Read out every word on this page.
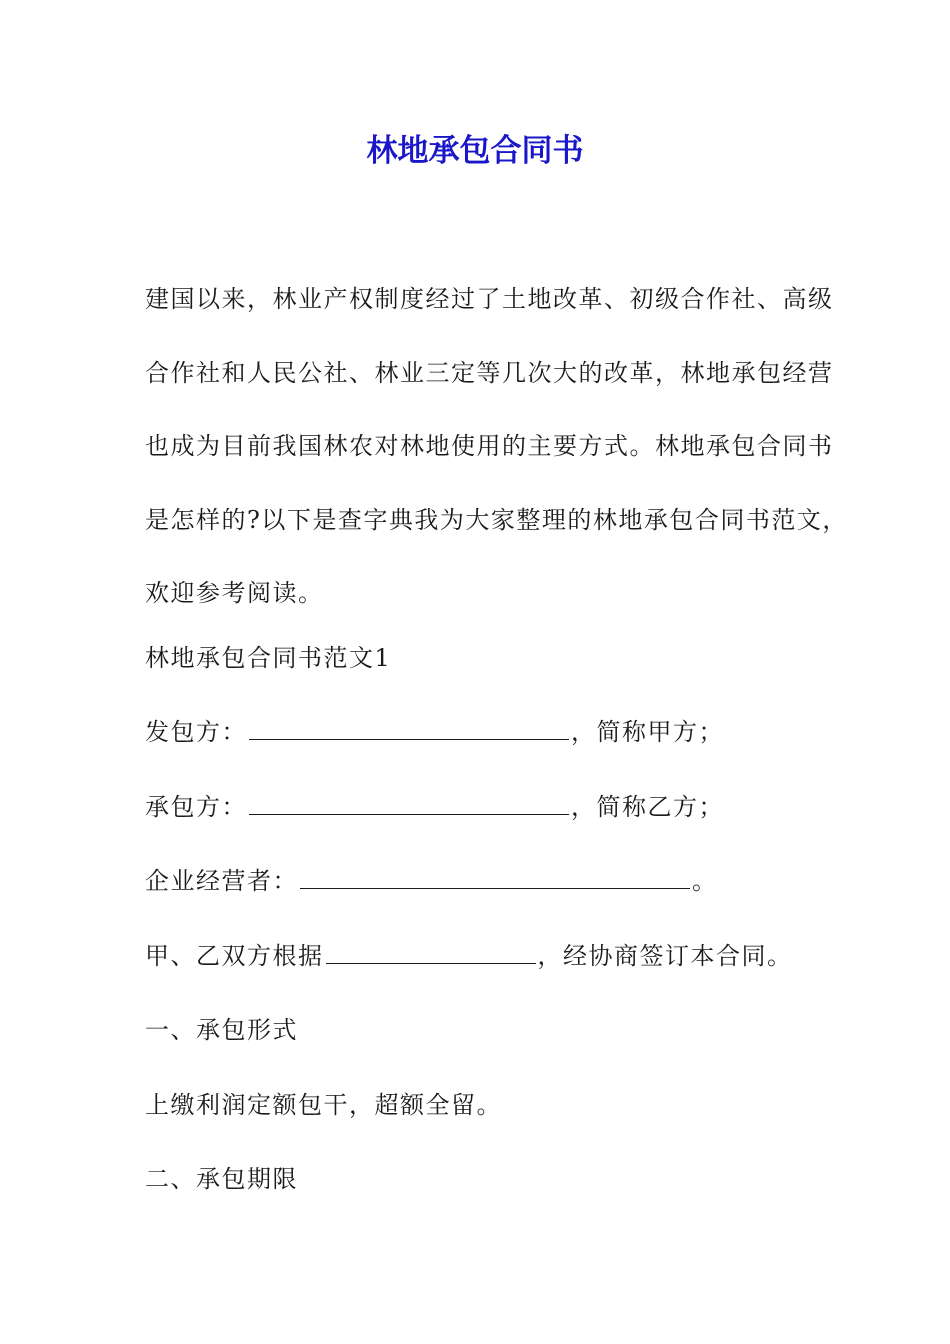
林地承包合同书

建国以来，林业产权制度经过了土地改革、初级合作社、高级
合作社和人民公社、林业三定等几次大的改革，林地承包经营
也成为目前我国林农对林地使用的主要方式。林地承包合同书
是怎样的?以下是查字典我为大家整理的林地承包合同书范文，
欢迎参考阅读。

林地承包合同书范文1

发包方：	，简称甲方；

承包方：	，简称乙方；

企业经营者：	。

甲、乙双方根据	，经协商签订本合同。

一、承包形式

上缴利润定额包干，超额全留。

二、承包期限
